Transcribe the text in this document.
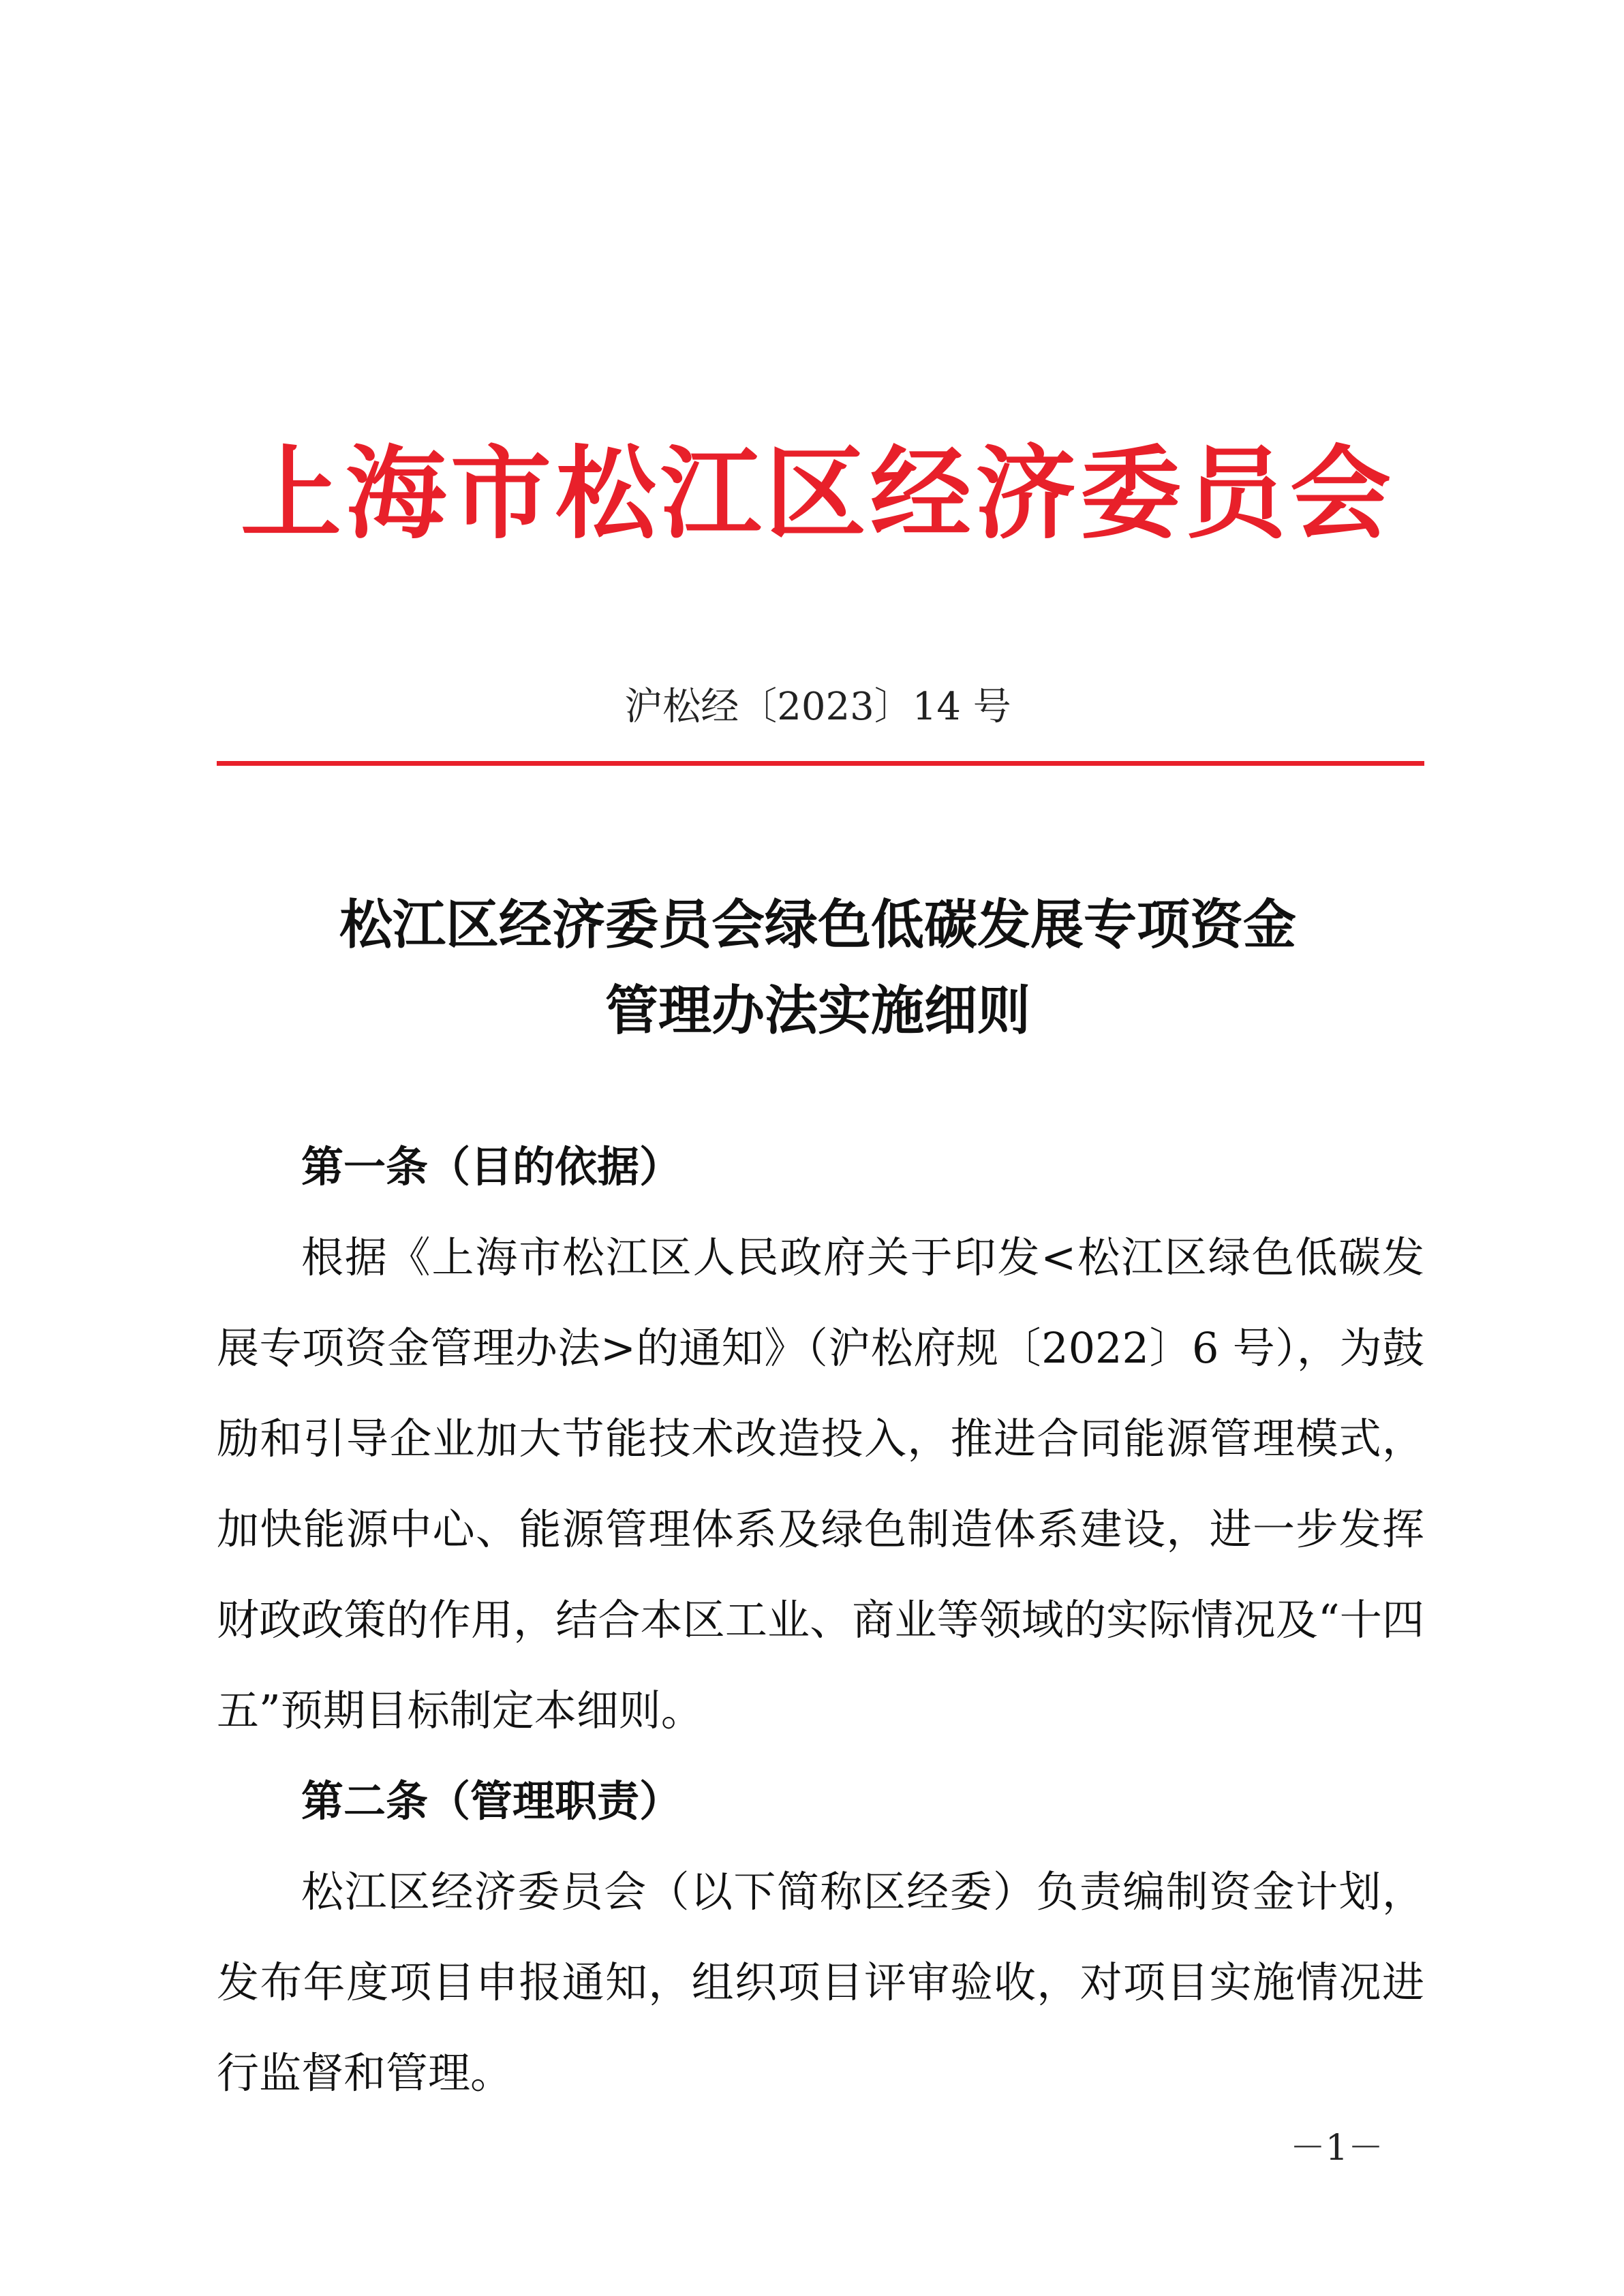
上海市松江区经济委员会
沪松经〔2023〕14 号
松江区经济委员会绿色低碳发展专项资金
管理办法实施细则
第一条（目的依据）
根据《上海市松江区人民政府关于印发<松江区绿色低碳发展专项资金管理办法>的通知》（沪松府规〔2022〕6 号），为鼓励和引导企业加大节能技术改造投入，推进合同能源管理模式，加快能源中心、能源管理体系及绿色制造体系建设，进一步发挥财政政策的作用，结合本区工业、商业等领域的实际情况及“十四五”预期目标制定本细则。
第二条（管理职责）
松江区经济委员会（以下简称区经委）负责编制资金计划，发布年度项目申报通知，组织项目评审验收，对项目实施情况进行监督和管理。
－1－
